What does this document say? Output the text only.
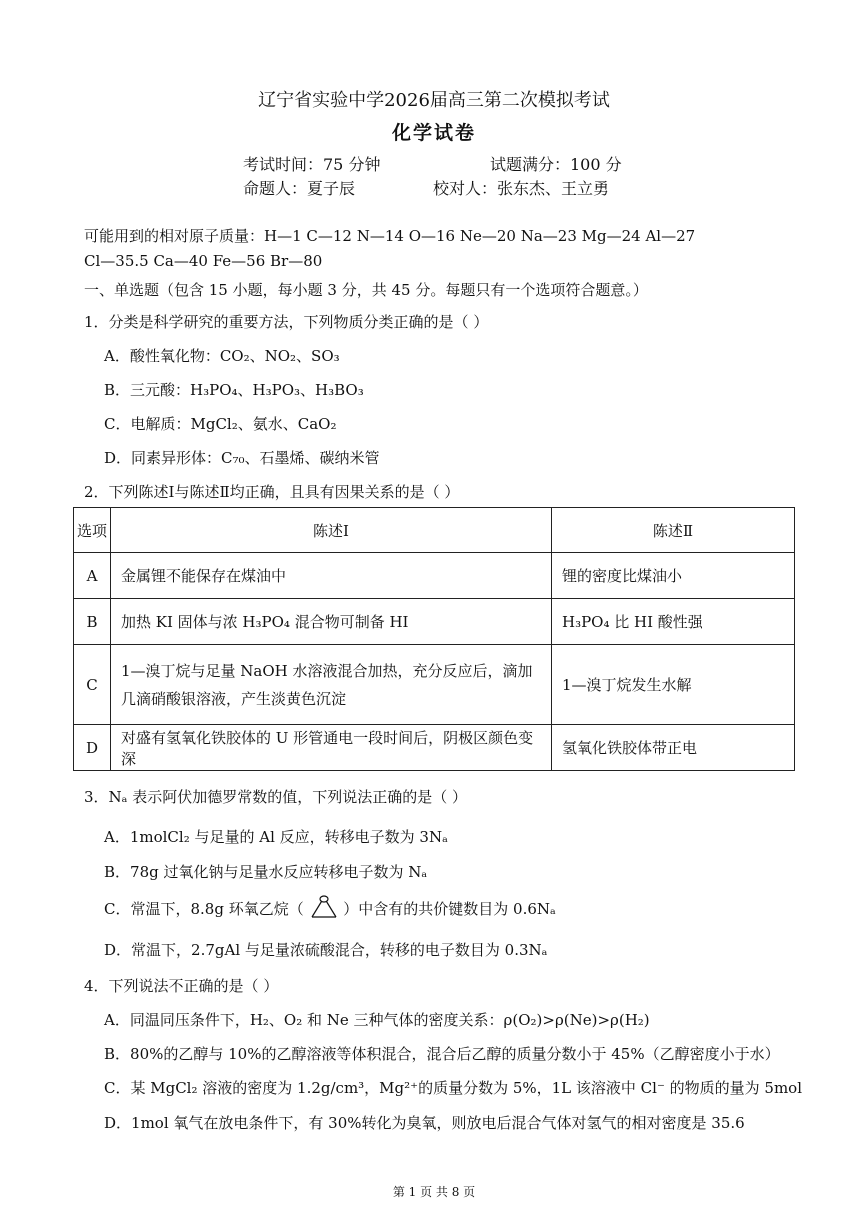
辽宁省实验中学2026届高三第二次模拟考试
化学试卷
考试时间：75 分钟	试题满分：100 分
命题人：夏子辰	校对人：张东杰、王立勇
可能用到的相对原子质量：H—1 C—12 N—14 O—16 Ne—20 Na—23 Mg—24 Al—27
Cl—35.5 Ca—40 Fe—56 Br—80
一、单选题（包含 15 小题，每小题 3 分，共 45 分。每题只有一个选项符合题意。）
1．分类是科学研究的重要方法，下列物质分类正确的是（ ）
A．酸性氧化物：CO₂、NO₂、SO₃
B．三元酸：H₃PO₄、H₃PO₃、H₃BO₃
C．电解质：MgCl₂、氨水、CaO₂
D．同素异形体：C₇₀、石墨烯、碳纳米管
2．下列陈述Ⅰ与陈述Ⅱ均正确，且具有因果关系的是（ ）
选项	陈述Ⅰ	陈述Ⅱ
A	金属锂不能保存在煤油中	锂的密度比煤油小
B	加热 KI 固体与浓 H₃PO₄ 混合物可制备 HI	H₃PO₄ 比 HI 酸性强
C	1—溴丁烷与足量 NaOH 水溶液混合加热，充分反应后，滴加几滴硝酸银溶液，产生淡黄色沉淀	1—溴丁烷发生水解
D	对盛有氢氧化铁胶体的 U 形管通电一段时间后，阴极区颜色变深	氢氧化铁胶体带正电
3．Nₐ 表示阿伏加德罗常数的值，下列说法正确的是（ ）
A．1molCl₂ 与足量的 Al 反应，转移电子数为 3Nₐ
B．78g 过氧化钠与足量水反应转移电子数为 Nₐ
C．常温下，8.8g 环氧乙烷（	）中含有的共价键数目为 0.6Nₐ
D．常温下，2.7gAl 与足量浓硫酸混合，转移的电子数目为 0.3Nₐ
4．下列说法不正确的是（ ）
A．同温同压条件下，H₂、O₂ 和 Ne 三种气体的密度关系：ρ(O₂)>ρ(Ne)>ρ(H₂)
B．80%的乙醇与 10%的乙醇溶液等体积混合，混合后乙醇的质量分数小于 45%（乙醇密度小于水）
C．某 MgCl₂ 溶液的密度为 1.2g/cm³，Mg²⁺的质量分数为 5%，1L 该溶液中 Cl⁻ 的物质的量为 5mol
D．1mol 氧气在放电条件下，有 30%转化为臭氧，则放电后混合气体对氢气的相对密度是 35.6
第 1 页 共 8 页
